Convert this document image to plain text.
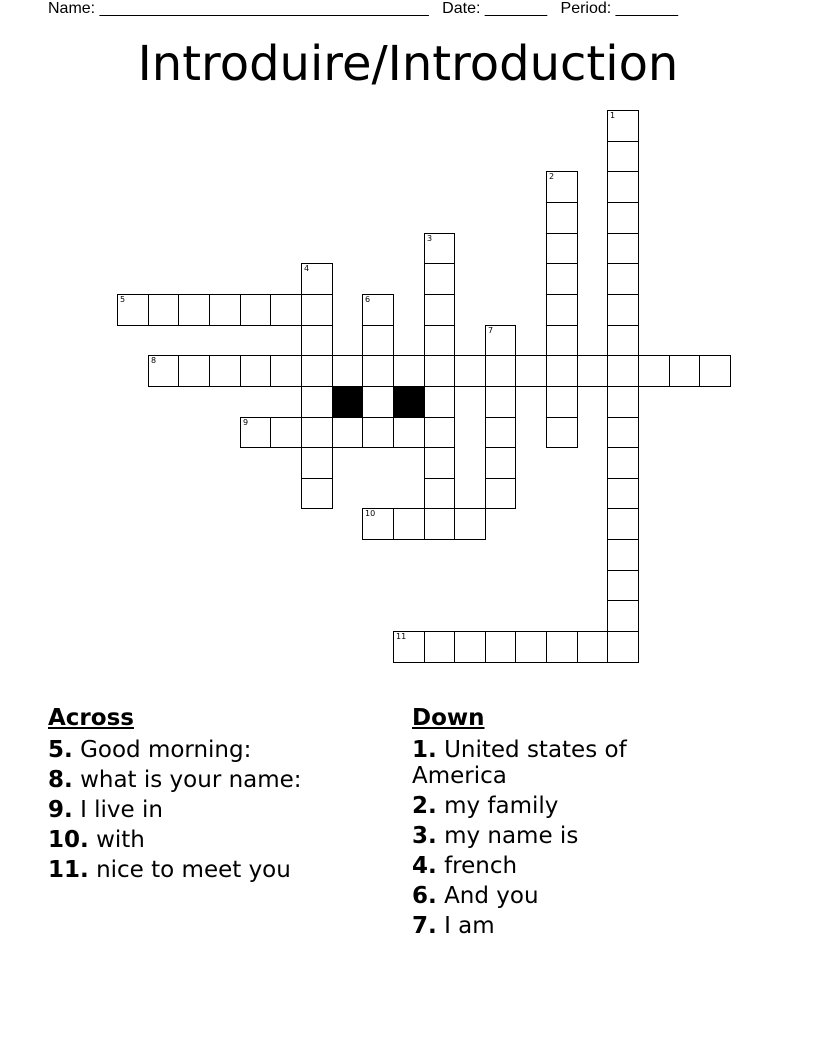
Name: _____________________________________ Date: _______ Period: _______
Introduire/Introduction
1
2
3
4
6
7
5
8
9
10
11
Across
5. Good morning:
8. what is your name:
9. I live in
10. with
11. nice to meet you
Down
1. United states of America
2. my family
3. my name is
4. french
6. And you
7. I am
